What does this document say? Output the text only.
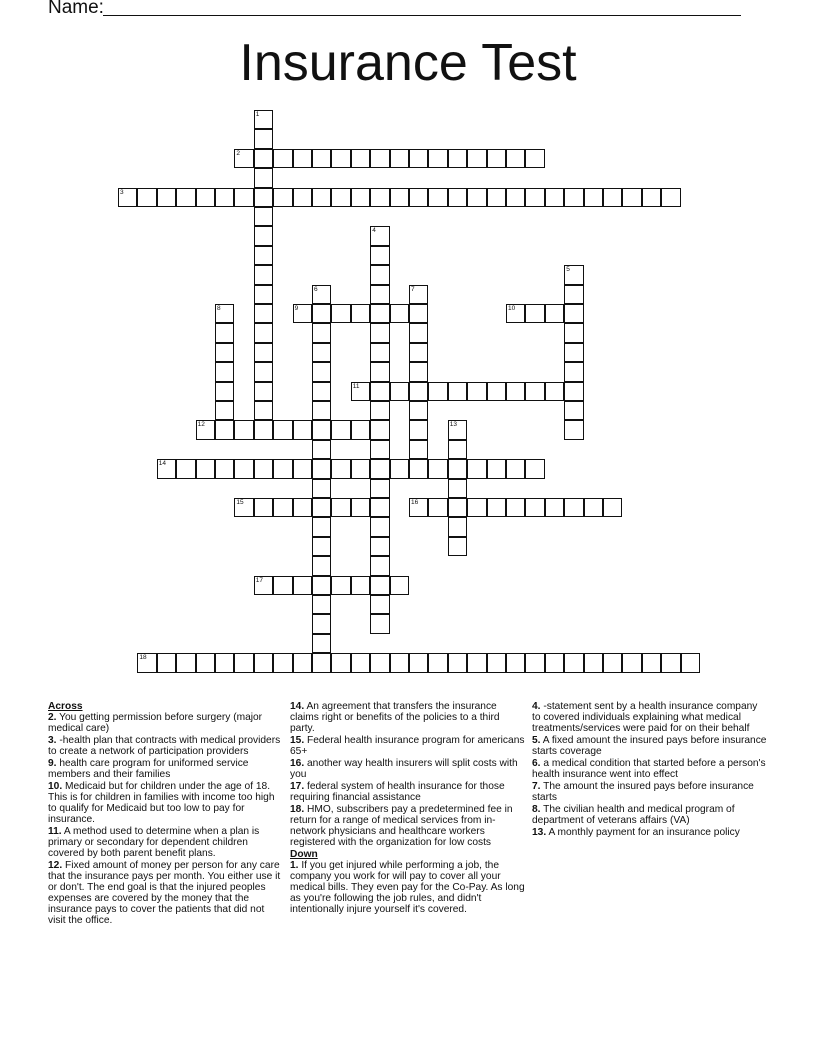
Name:
Insurance Test
1
2
3
4
5
6	7
8	9	10
11
12	13
14
15	16
17
18
Across
2. You getting permission before surgery (major medical care)
3. -health plan that contracts with medical providers to create a network of participation providers
9. health care program for uniformed service members and their families
10. Medicaid but for children under the age of 18. This is for children in families with income too high to qualify for Medicaid but too low to pay for insurance.
11. A method used to determine when a plan is primary or secondary for dependent children covered by both parent benefit plans.
12. Fixed amount of money per person for any care that the insurance pays per month. You either use it or don't. The end goal is that the injured peoples expenses are covered by the money that the insurance pays to cover the patients that did not visit the office.
14. An agreement that transfers the insurance claims right or benefits of the policies to a third party.
15. Federal health insurance program for americans 65+
16. another way health insurers will split costs with you
17. federal system of health insurance for those requiring financial assistance
18. HMO, subscribers pay a predetermined fee in return for a range of medical services from in-network physicians and healthcare workers registered with the organization for low costs
Down
1. If you get injured while performing a job, the company you work for will pay to cover all your medical bills. They even pay for the Co-Pay. As long as you're following the job rules, and didn't intentionally injure yourself it's covered.
4. -statement sent by a health insurance company to covered individuals explaining what medical treatments/services were paid for on their behalf
5. A fixed amount the insured pays before insurance starts coverage
6. a medical condition that started before a person's health insurance went into effect
7. The amount the insured pays before insurance starts
8. The civilian health and medical program of department of veterans affairs (VA)
13. A monthly payment for an insurance policy
